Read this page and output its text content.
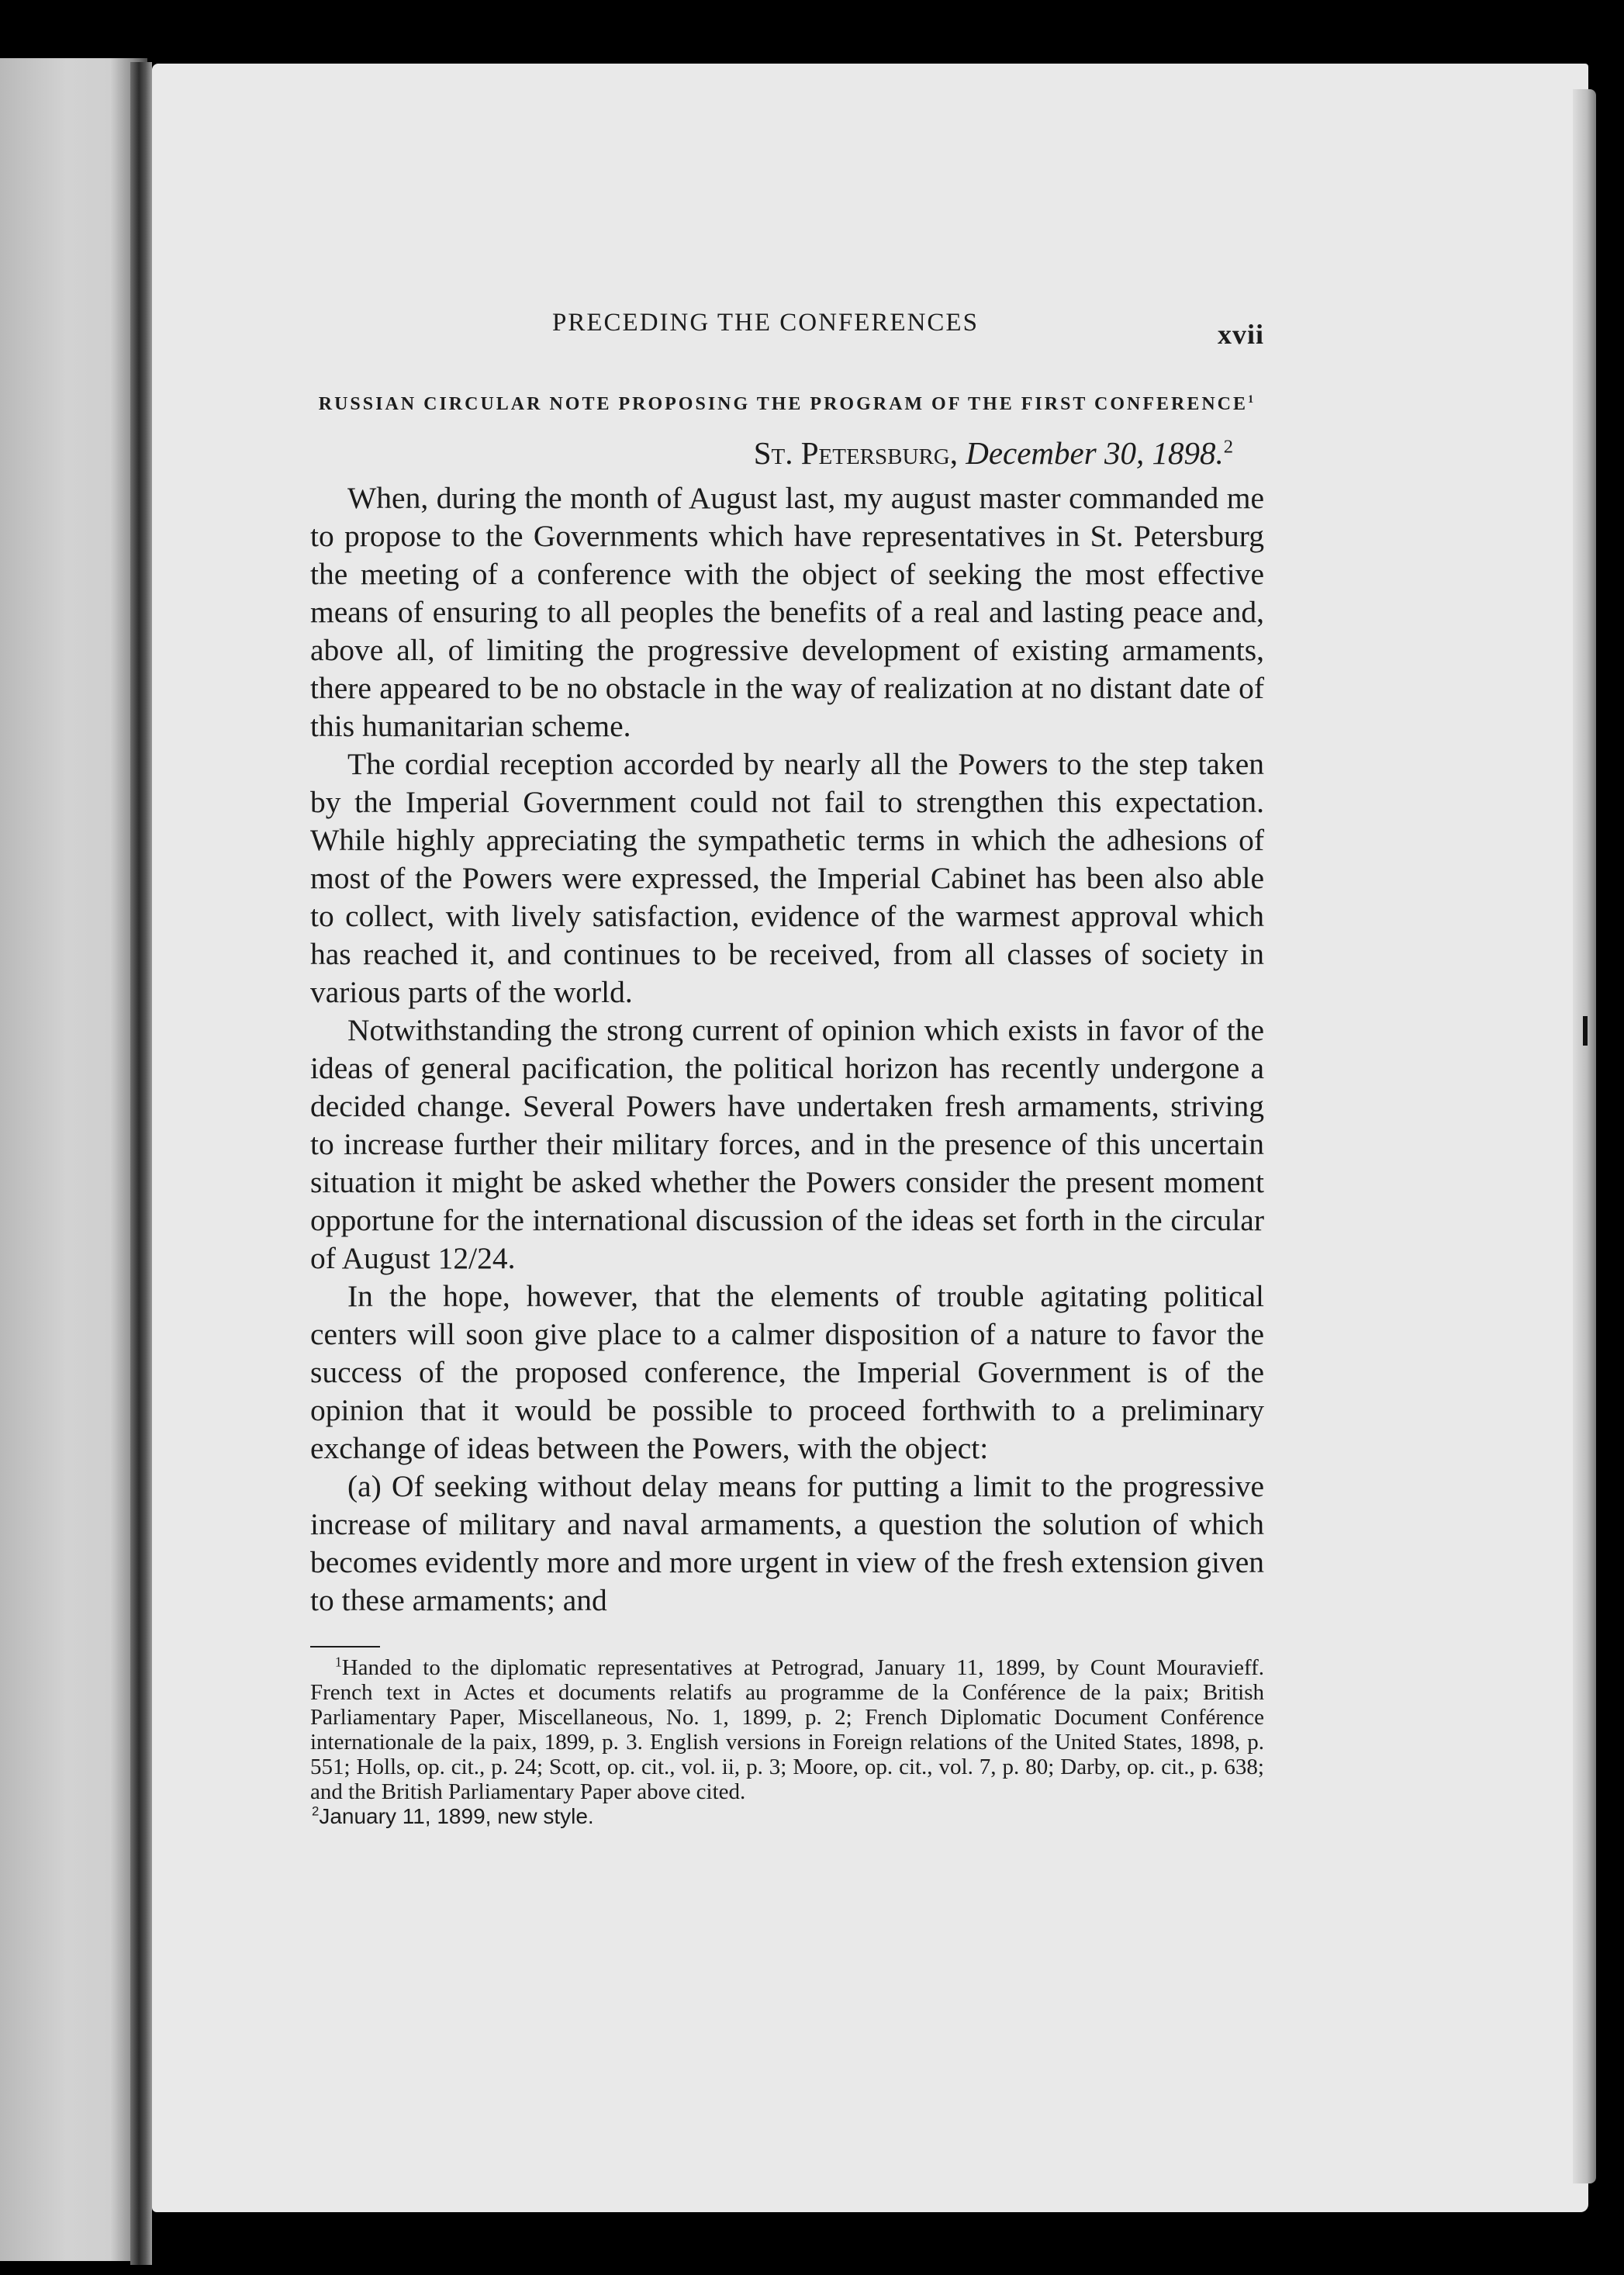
PRECEDING THE CONFERENCES	xvii
RUSSIAN CIRCULAR NOTE PROPOSING THE PROGRAM OF THE FIRST CONFERENCE$^1$
St. Petersburg, December 30, 1898.$^2$

When, during the month of August last, my august master commanded me to propose to the Governments which have representatives in St. Petersburg the meeting of a conference with the object of seeking the most effective means of ensuring to all peoples the benefits of a real and lasting peace and, above all, of limiting the progressive development of existing armaments, there appeared to be no obstacle in the way of realization at no distant date of this humanitarian scheme.

The cordial reception accorded by nearly all the Powers to the step taken by the Imperial Government could not fail to strengthen this expectation. While highly appreciating the sympathetic terms in which the adhesions of most of the Powers were expressed, the Imperial Cabinet has been also able to collect, with lively satisfaction, evidence of the warmest approval which has reached it, and continues to be received, from all classes of society in various parts of the world.

Notwithstanding the strong current of opinion which exists in favor of the ideas of general pacification, the political horizon has recently undergone a decided change. Several Powers have undertaken fresh armaments, striving to increase further their military forces, and in the presence of this uncertain situation it might be asked whether the Powers consider the present moment opportune for the international discussion of the ideas set forth in the circular of August 12/24.

In the hope, however, that the elements of trouble agitating political centers will soon give place to a calmer disposition of a nature to favor the success of the proposed conference, the Imperial Government is of the opinion that it would be possible to proceed forthwith to a preliminary exchange of ideas between the Powers, with the object:

(a) Of seeking without delay means for putting a limit to the progressive increase of military and naval armaments, a question the solution of which becomes evidently more and more urgent in view of the fresh extension given to these armaments; and

$^1$Handed to the diplomatic representatives at Petrograd, January 11, 1899, by Count Mouravieff. French text in Actes et documents relatifs au programme de la Conférence de la paix; British Parliamentary Paper, Miscellaneous, No. 1, 1899, p. 2; French Diplomatic Document Conférence internationale de la paix, 1899, p. 3. English versions in Foreign relations of the United States, 1898, p. 551; Holls, op. cit., p. 24; Scott, op. cit., vol. ii, p. 3; Moore, op. cit., vol. 7, p. 80; Darby, op. cit., p. 638; and the British Parliamentary Paper above cited.

$^2$January 11, 1899, new style.
